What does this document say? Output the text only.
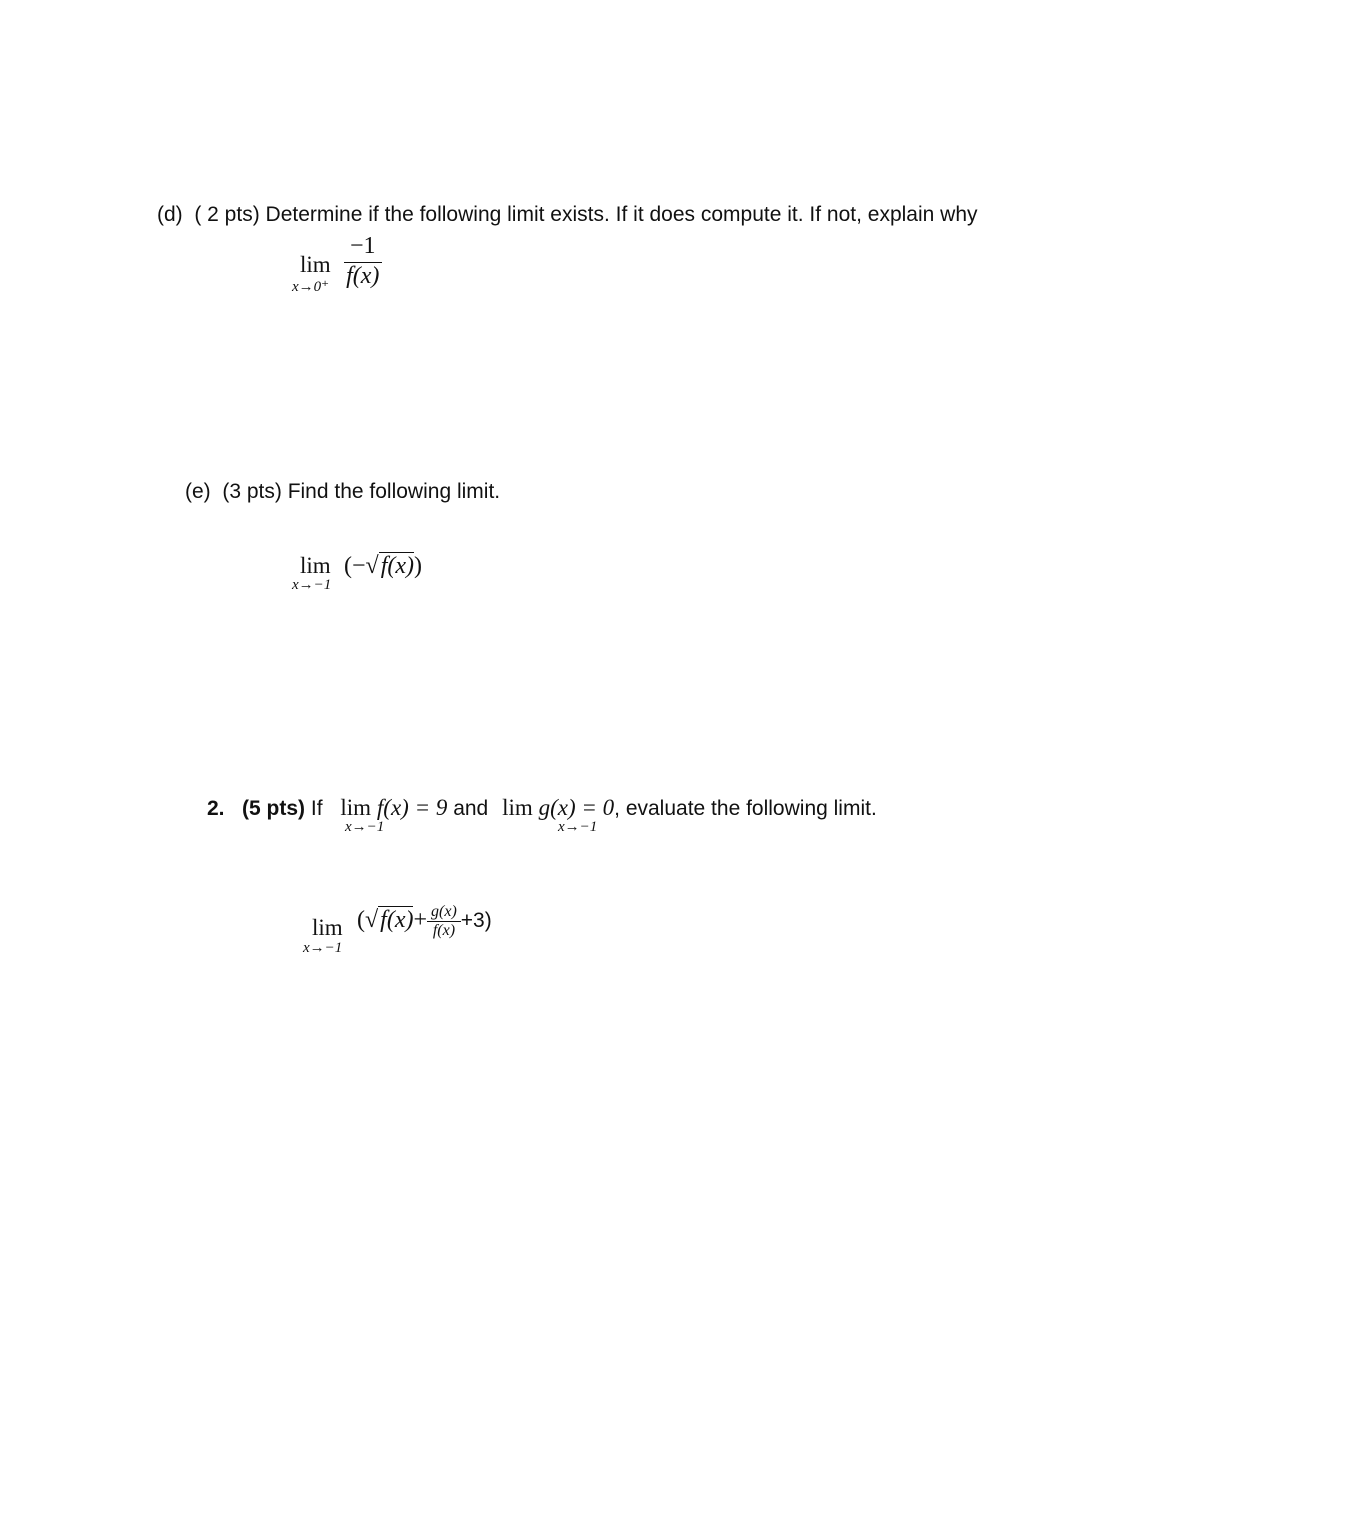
(d) ( 2 pts) Determine if the following limit exists. If it does compute it. If not, explain why
lim
$x\to 0^+ \frac{-1}{f(x)}$
(e) (3 pts) Find the following limit.
lim
x→−1
(−√f(x))
2. (5 pts) If lim f(x) = 9 and lim g(x) = 0, evaluate the following limit.
x→−1	x→−1
lim
x→−1
$(√f(x)+ \frac{g(x)}{f(x)} +3)$
